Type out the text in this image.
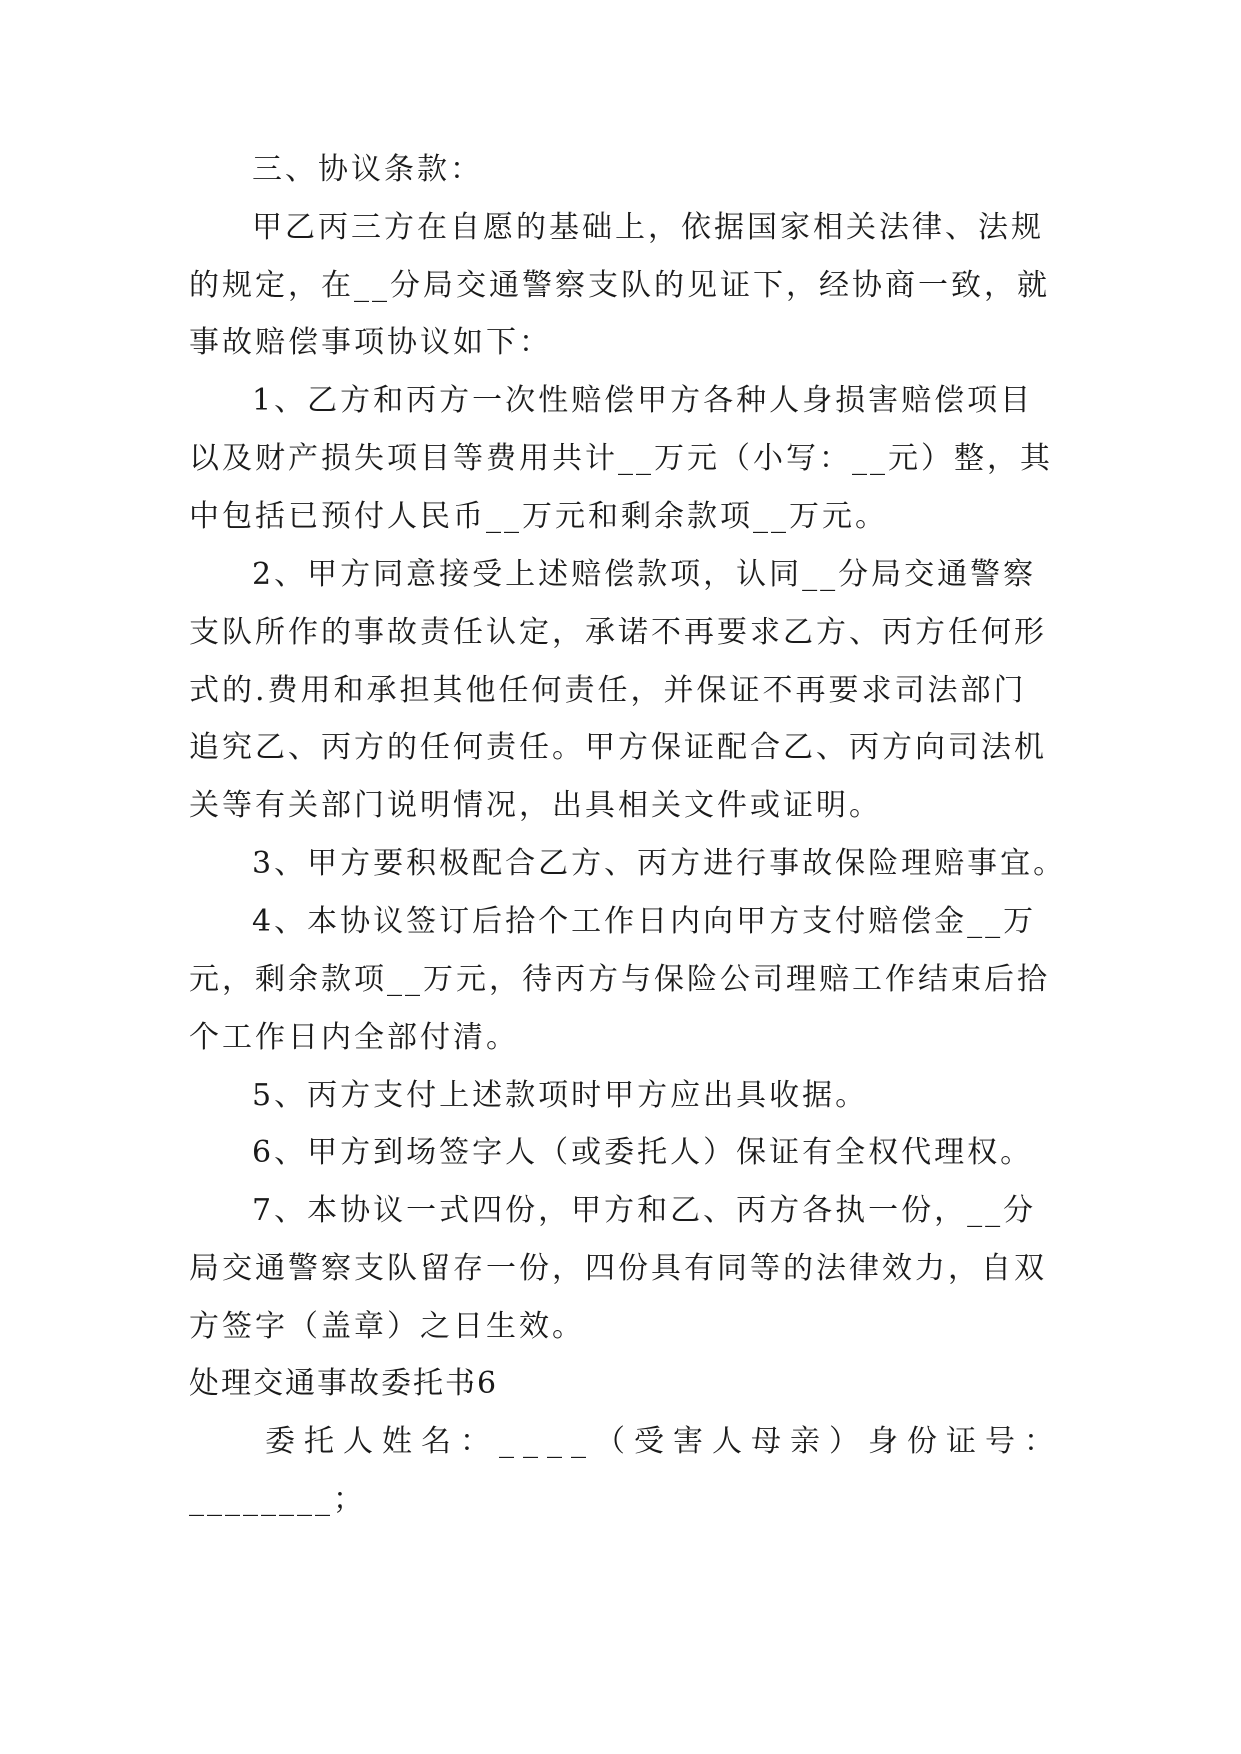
三、协议条款：
甲乙丙三方在自愿的基础上，依据国家相关法律、法规
的规定，在__分局交通警察支队的见证下，经协商一致，就
事故赔偿事项协议如下：
1、乙方和丙方一次性赔偿甲方各种人身损害赔偿项目
以及财产损失项目等费用共计__万元（小写：__元）整，其
中包括已预付人民币__万元和剩余款项__万元。
2、甲方同意接受上述赔偿款项，认同__分局交通警察
支队所作的事故责任认定，承诺不再要求乙方、丙方任何形
式的.费用和承担其他任何责任，并保证不再要求司法部门
追究乙、丙方的任何责任。甲方保证配合乙、丙方向司法机
关等有关部门说明情况，出具相关文件或证明。
3、甲方要积极配合乙方、丙方进行事故保险理赔事宜。
4、本协议签订后拾个工作日内向甲方支付赔偿金__万
元，剩余款项__万元，待丙方与保险公司理赔工作结束后拾
个工作日内全部付清。
5、丙方支付上述款项时甲方应出具收据。
6、甲方到场签字人（或委托人）保证有全权代理权。
7、本协议一式四份，甲方和乙、丙方各执一份，__分
局交通警察支队留存一份，四份具有同等的法律效力，自双
方签字（盖章）之日生效。
处理交通事故委托书6
委托人姓名：____（受害人母亲）身份证号：
________；
